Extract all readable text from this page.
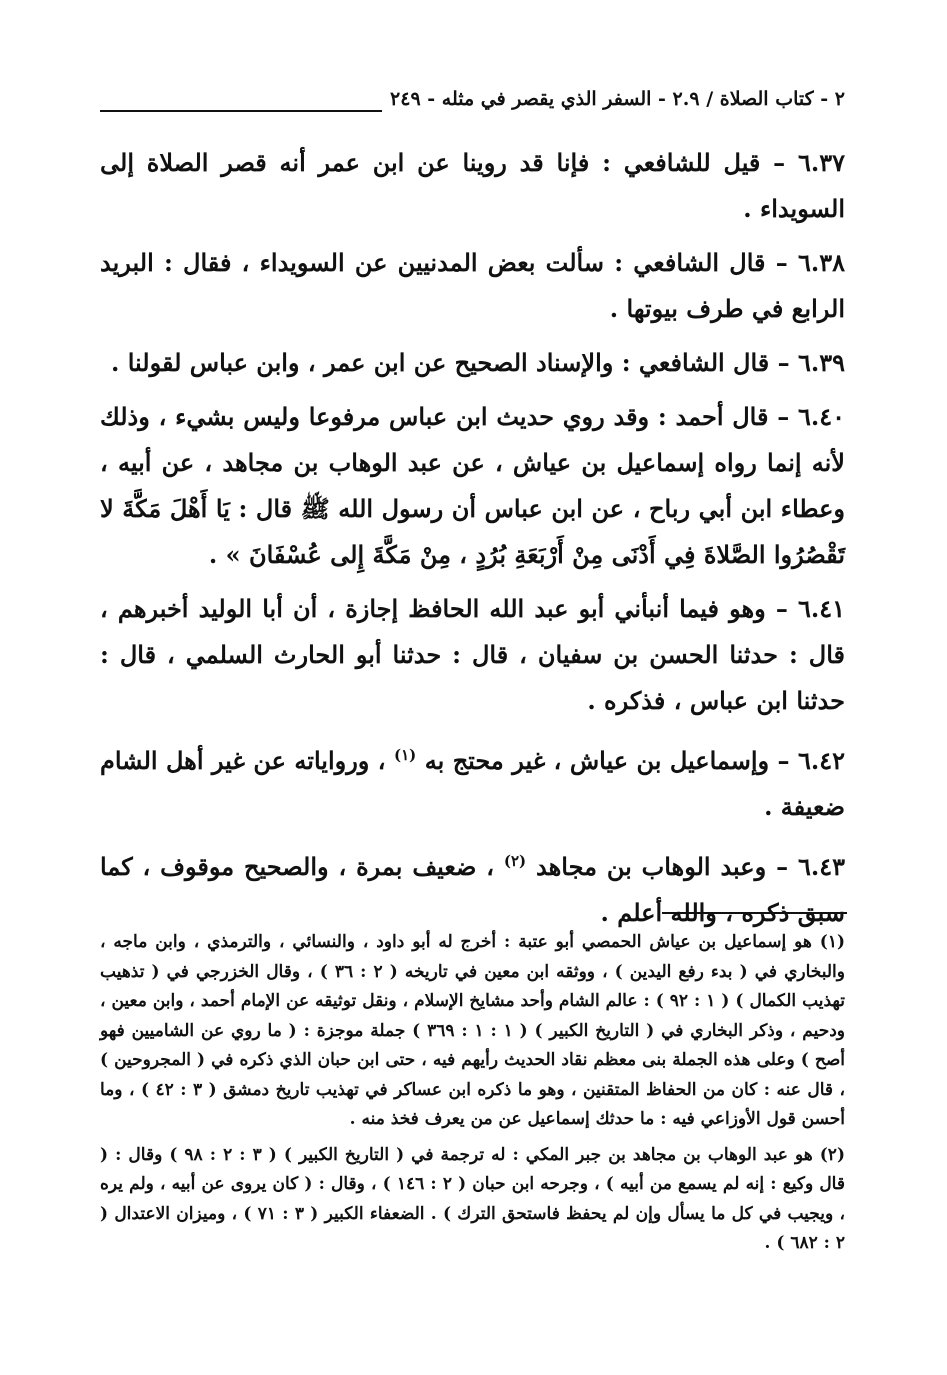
٢ - كتاب الصلاة / ٢.٩ - السفر الذي يقصر في مثله - ٢٤٩

٦.٣٧ – قيل للشافعي : فإنا قد روينا عن ابن عمر أنه قصر الصلاة إلى السويداء .

٦.٣٨ – قال الشافعي : سألت بعض المدنيين عن السويداء ، فقال : البريد الرابع في طرف بيوتها .

٦.٣٩ – قال الشافعي : والإسناد الصحيح عن ابن عمر ، وابن عباس لقولنا .

٦.٤٠ – قال أحمد : وقد روي حديث ابن عباس مرفوعا وليس بشيء ، وذلك لأنه إنما رواه إسماعيل بن عياش ، عن عبد الوهاب بن مجاهد ، عن أبيه ، وعطاء ابن أبي رباح ، عن ابن عباس أن رسول الله ﷺ قال : يَا أَهْلَ مَكَّةَ لا تَقْصُرُوا الصَّلاةَ فِي أَدْنَى مِنْ أَرْبَعَةِ بُرُدٍ ، مِنْ مَكَّةَ إِلى عُسْفَانَ » .

٦.٤١ – وهو فيما أنبأني أبو عبد الله الحافظ إجازة ، أن أبا الوليد أخبرهم ، قال : حدثنا الحسن بن سفيان ، قال : حدثنا أبو الحارث السلمي ، قال : حدثنا ابن عباس ، فذكره .

٦.٤٢ – وإسماعيل بن عياش ، غير محتج به $^{(١)}$ ، ورواياته عن غير أهل الشام ضعيفة .

٦.٤٣ – وعبد الوهاب بن مجاهد $^{(٢)}$ ، ضعيف بمرة ، والصحيح موقوف ، كما سبق ذكره ، والله أعلم .

(١) هو إسماعيل بن عياش الحمصي أبو عتبة : أخرج له أبو داود ، والنسائي ، والترمذي ، وابن ماجه ، والبخاري في ( بدء رفع اليدين ) ، ووثقه ابن معين في تاريخه ( ٢ : ٣٦ ) ، وقال الخزرجي في ( تذهيب تهذيب الكمال ) ( ١ : ٩٢ ) : عالم الشام وأحد مشايخ الإسلام ، ونقل توثيقه عن الإمام أحمد ، وابن معين ، ودحيم ، وذكر البخاري في ( التاريخ الكبير ) ( ١ : ١ : ٣٦٩ ) جملة موجزة : ( ما روي عن الشاميين فهو أصح ) وعلى هذه الجملة بنى معظم نقاد الحديث رأيهم فيه ، حتى ابن حبان الذي ذكره في ( المجروحين ) ، قال عنه : كان من الحفاظ المتقنين ، وهو ما ذكره ابن عساكر في تهذيب تاريخ دمشق ( ٣ : ٤٢ ) ، وما أحسن قول الأوزاعي فيه : ما حدثك إسماعيل عن من يعرف فخذ منه .

(٢) هو عبد الوهاب بن مجاهد بن جبر المكي : له ترجمة في ( التاريخ الكبير ) ( ٣ : ٢ : ٩٨ ) وقال : ( قال وكيع : إنه لم يسمع من أبيه ) ، وجرحه ابن حبان ( ٢ : ١٤٦ ) ، وقال : ( كان يروى عن أبيه ، ولم يره ، ويجيب في كل ما يسأل وإن لم يحفظ فاستحق الترك ) . الضعفاء الكبير ( ٣ : ٧١ ) ، وميزان الاعتدال ( ٢ : ٦٨٢ ) .
